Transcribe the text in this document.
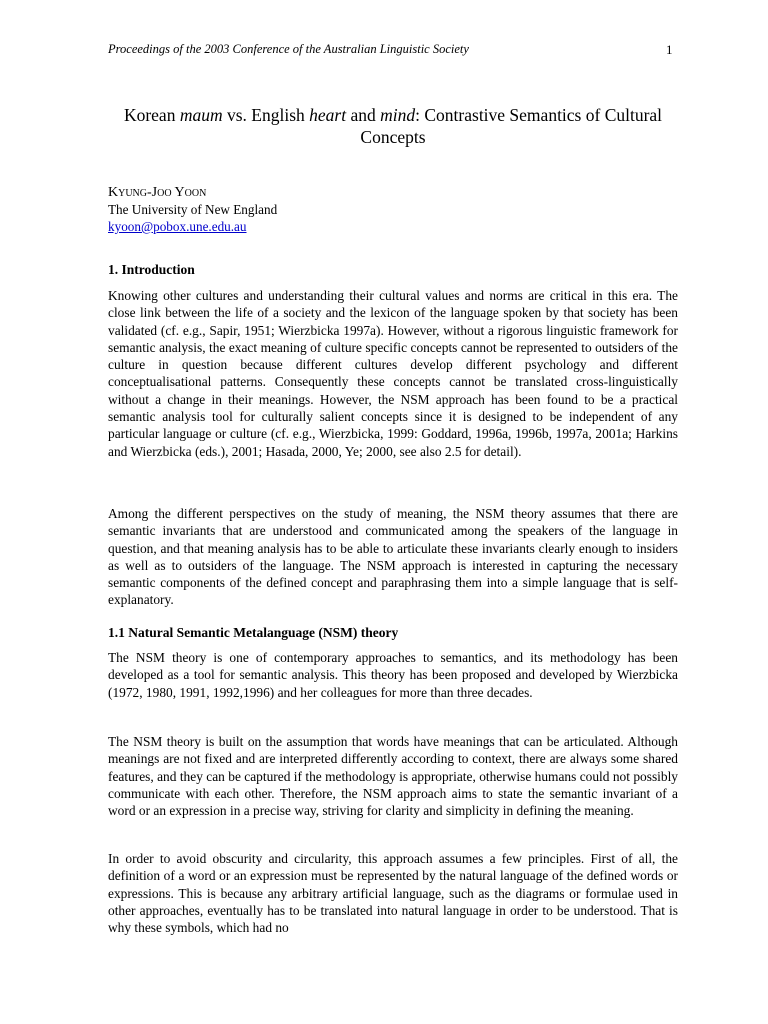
Proceedings of the 2003 Conference of the Australian Linguistic Society	1
Korean maum vs. English heart and mind: Contrastive Semantics of Cultural Concepts
Kyung-Joo Yoon
The University of New England
kyoon@pobox.une.edu.au
1. Introduction

Knowing other cultures and understanding their cultural values and norms are critical in this era. The close link between the life of a society and the lexicon of the language spoken by that society has been validated (cf. e.g., Sapir, 1951; Wierzbicka 1997a). However, without a rigorous linguistic framework for semantic analysis, the exact meaning of culture specific concepts cannot be represented to outsiders of the culture in question because different cultures develop different psychology and different conceptualisational patterns. Consequently these concepts cannot be translated cross-linguistically without a change in their meanings. However, the NSM approach has been found to be a practical semantic analysis tool for culturally salient concepts since it is designed to be independent of any particular language or culture (cf. e.g., Wierzbicka, 1999: Goddard, 1996a, 1996b, 1997a, 2001a; Harkins and Wierzbicka (eds.), 2001; Hasada, 2000, Ye; 2000, see also 2.5 for detail).

Among the different perspectives on the study of meaning, the NSM theory assumes that there are semantic invariants that are understood and communicated among the speakers of the language in question, and that meaning analysis has to be able to articulate these invariants clearly enough to insiders as well as to outsiders of the language. The NSM approach is interested in capturing the necessary semantic components of the defined concept and paraphrasing them into a simple language that is self-explanatory.

1.1 Natural Semantic Metalanguage (NSM) theory

The NSM theory is one of contemporary approaches to semantics, and its methodology has been developed as a tool for semantic analysis. This theory has been proposed and developed by Wierzbicka (1972, 1980, 1991, 1992,1996) and her colleagues for more than three decades.

The NSM theory is built on the assumption that words have meanings that can be articulated. Although meanings are not fixed and are interpreted differently according to context, there are always some shared features, and they can be captured if the methodology is appropriate, otherwise humans could not possibly communicate with each other. Therefore, the NSM approach aims to state the semantic invariant of a word or an expression in a precise way, striving for clarity and simplicity in defining the meaning.

In order to avoid obscurity and circularity, this approach assumes a few principles. First of all, the definition of a word or an expression must be represented by the natural language of the defined words or expressions. This is because any arbitrary artificial language, such as the diagrams or formulae used in other approaches, eventually has to be translated into natural language in order to be understood. That is why these symbols, which had no
